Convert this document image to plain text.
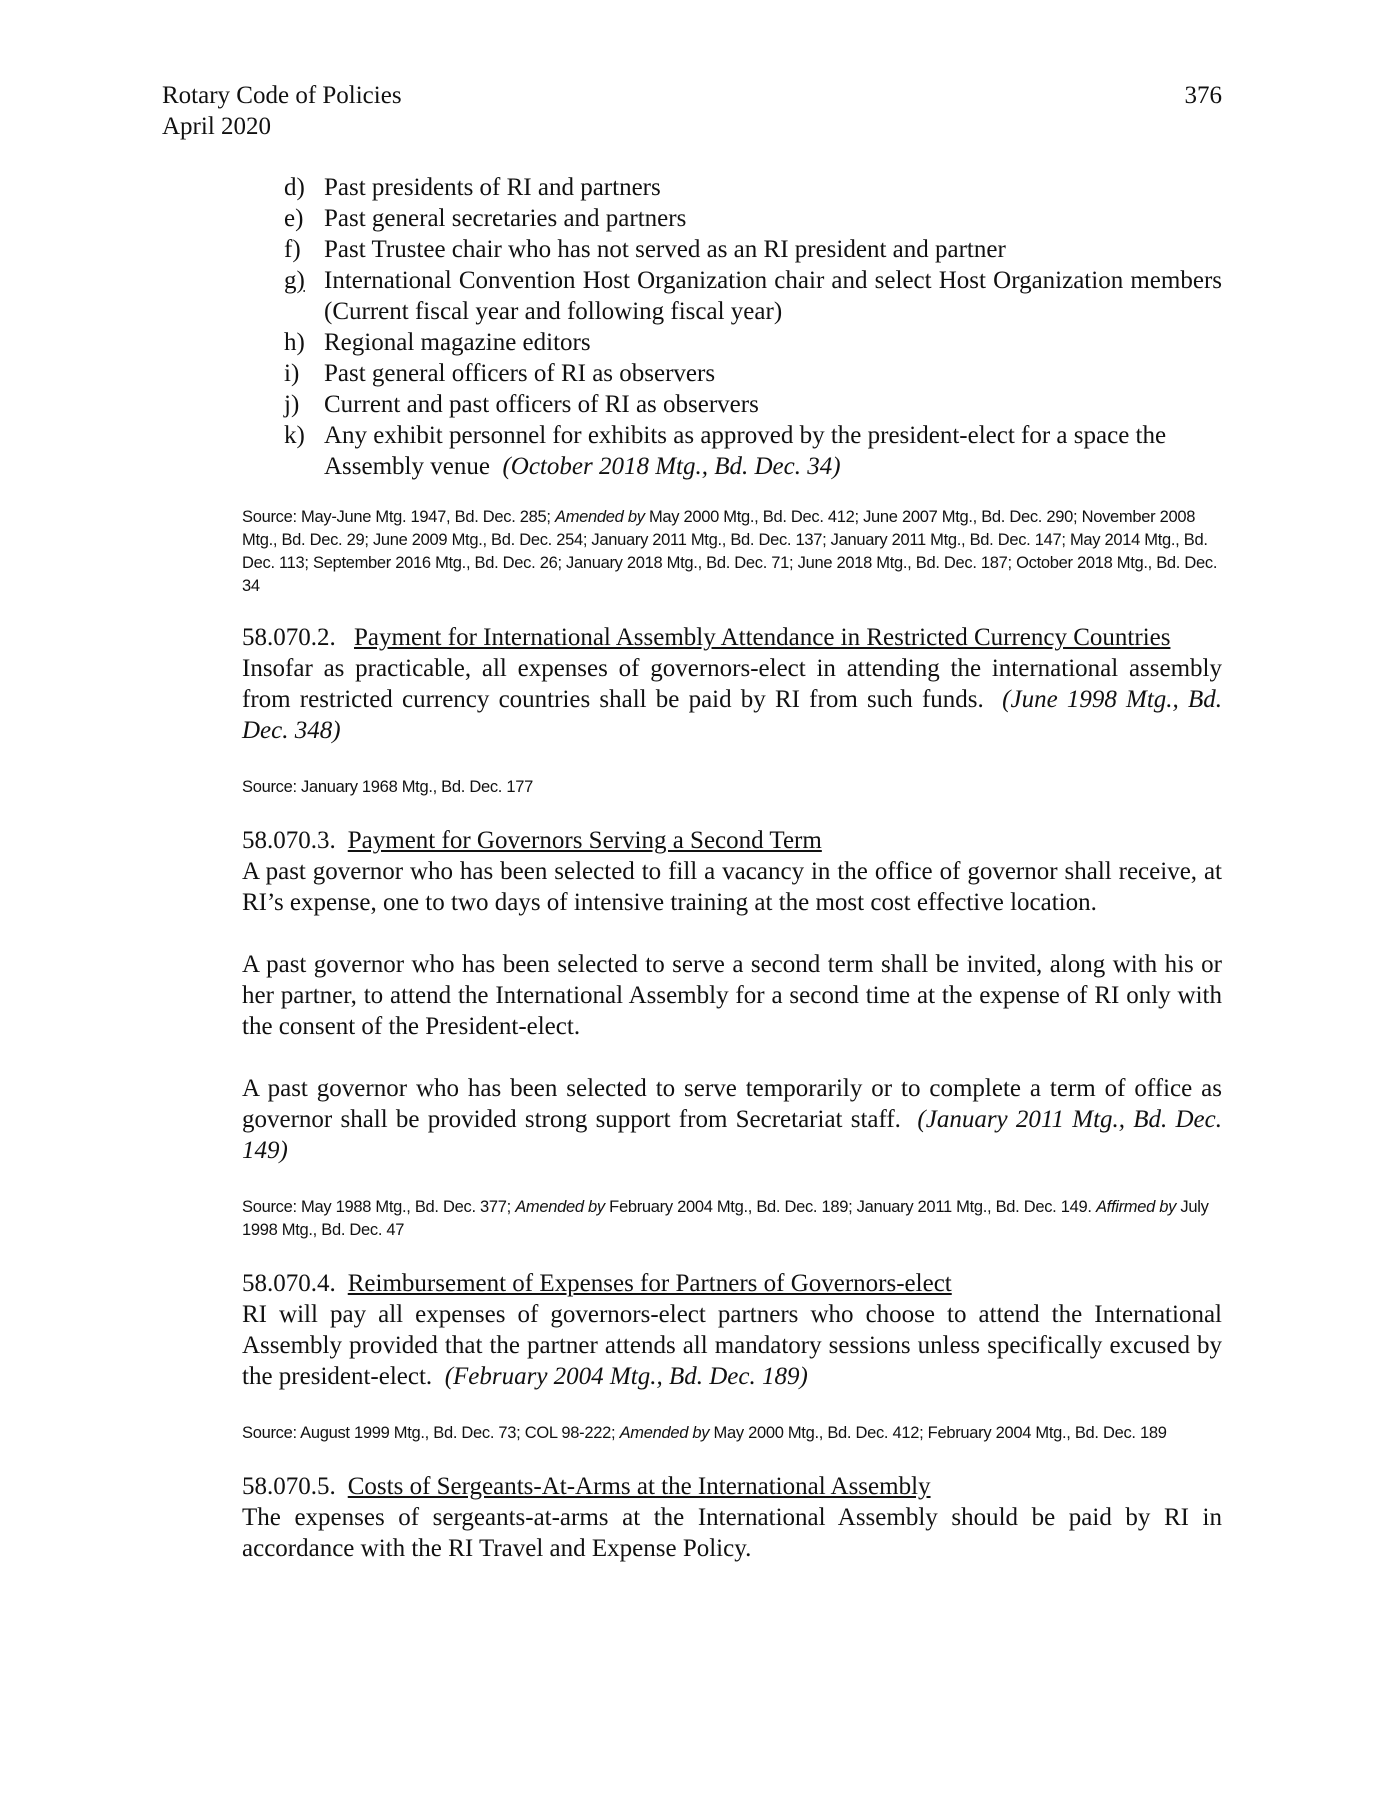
Rotary Code of Policies
April 2020
376
d) Past presidents of RI and partners
e) Past general secretaries and partners
f) Past Trustee chair who has not served as an RI president and partner
g) International Convention Host Organization chair and select Host Organization members (Current fiscal year and following fiscal year)
h) Regional magazine editors
i) Past general officers of RI as observers
j) Current and past officers of RI as observers
k) Any exhibit personnel for exhibits as approved by the president-elect for a space the Assembly venue (October 2018 Mtg., Bd. Dec. 34)

Source: May-June Mtg. 1947, Bd. Dec. 285; Amended by May 2000 Mtg., Bd. Dec. 412; June 2007 Mtg., Bd. Dec. 290; November 2008 Mtg., Bd. Dec. 29; June 2009 Mtg., Bd. Dec. 254; January 2011 Mtg., Bd. Dec. 137; January 2011 Mtg., Bd. Dec. 147; May 2014 Mtg., Bd. Dec. 113; September 2016 Mtg., Bd. Dec. 26; January 2018 Mtg., Bd. Dec. 71; June 2018 Mtg., Bd. Dec. 187; October 2018 Mtg., Bd. Dec. 34

58.070.2. Payment for International Assembly Attendance in Restricted Currency Countries

Insofar as practicable, all expenses of governors-elect in attending the international assembly from restricted currency countries shall be paid by RI from such funds. (June 1998 Mtg., Bd. Dec. 348)

Source: January 1968 Mtg., Bd. Dec. 177

58.070.3. Payment for Governors Serving a Second Term

A past governor who has been selected to fill a vacancy in the office of governor shall receive, at RI’s expense, one to two days of intensive training at the most cost effective location.

A past governor who has been selected to serve a second term shall be invited, along with his or her partner, to attend the International Assembly for a second time at the expense of RI only with the consent of the President-elect.

A past governor who has been selected to serve temporarily or to complete a term of office as governor shall be provided strong support from Secretariat staff. (January 2011 Mtg., Bd. Dec. 149)

Source: May 1988 Mtg., Bd. Dec. 377; Amended by February 2004 Mtg., Bd. Dec. 189; January 2011 Mtg., Bd. Dec. 149. Affirmed by July 1998 Mtg., Bd. Dec. 47

58.070.4. Reimbursement of Expenses for Partners of Governors-elect

RI will pay all expenses of governors-elect partners who choose to attend the International Assembly provided that the partner attends all mandatory sessions unless specifically excused by the president-elect. (February 2004 Mtg., Bd. Dec. 189)

Source: August 1999 Mtg., Bd. Dec. 73; COL 98-222; Amended by May 2000 Mtg., Bd. Dec. 412; February 2004 Mtg., Bd. Dec. 189

58.070.5. Costs of Sergeants-At-Arms at the International Assembly

The expenses of sergeants-at-arms at the International Assembly should be paid by RI in accordance with the RI Travel and Expense Policy.
